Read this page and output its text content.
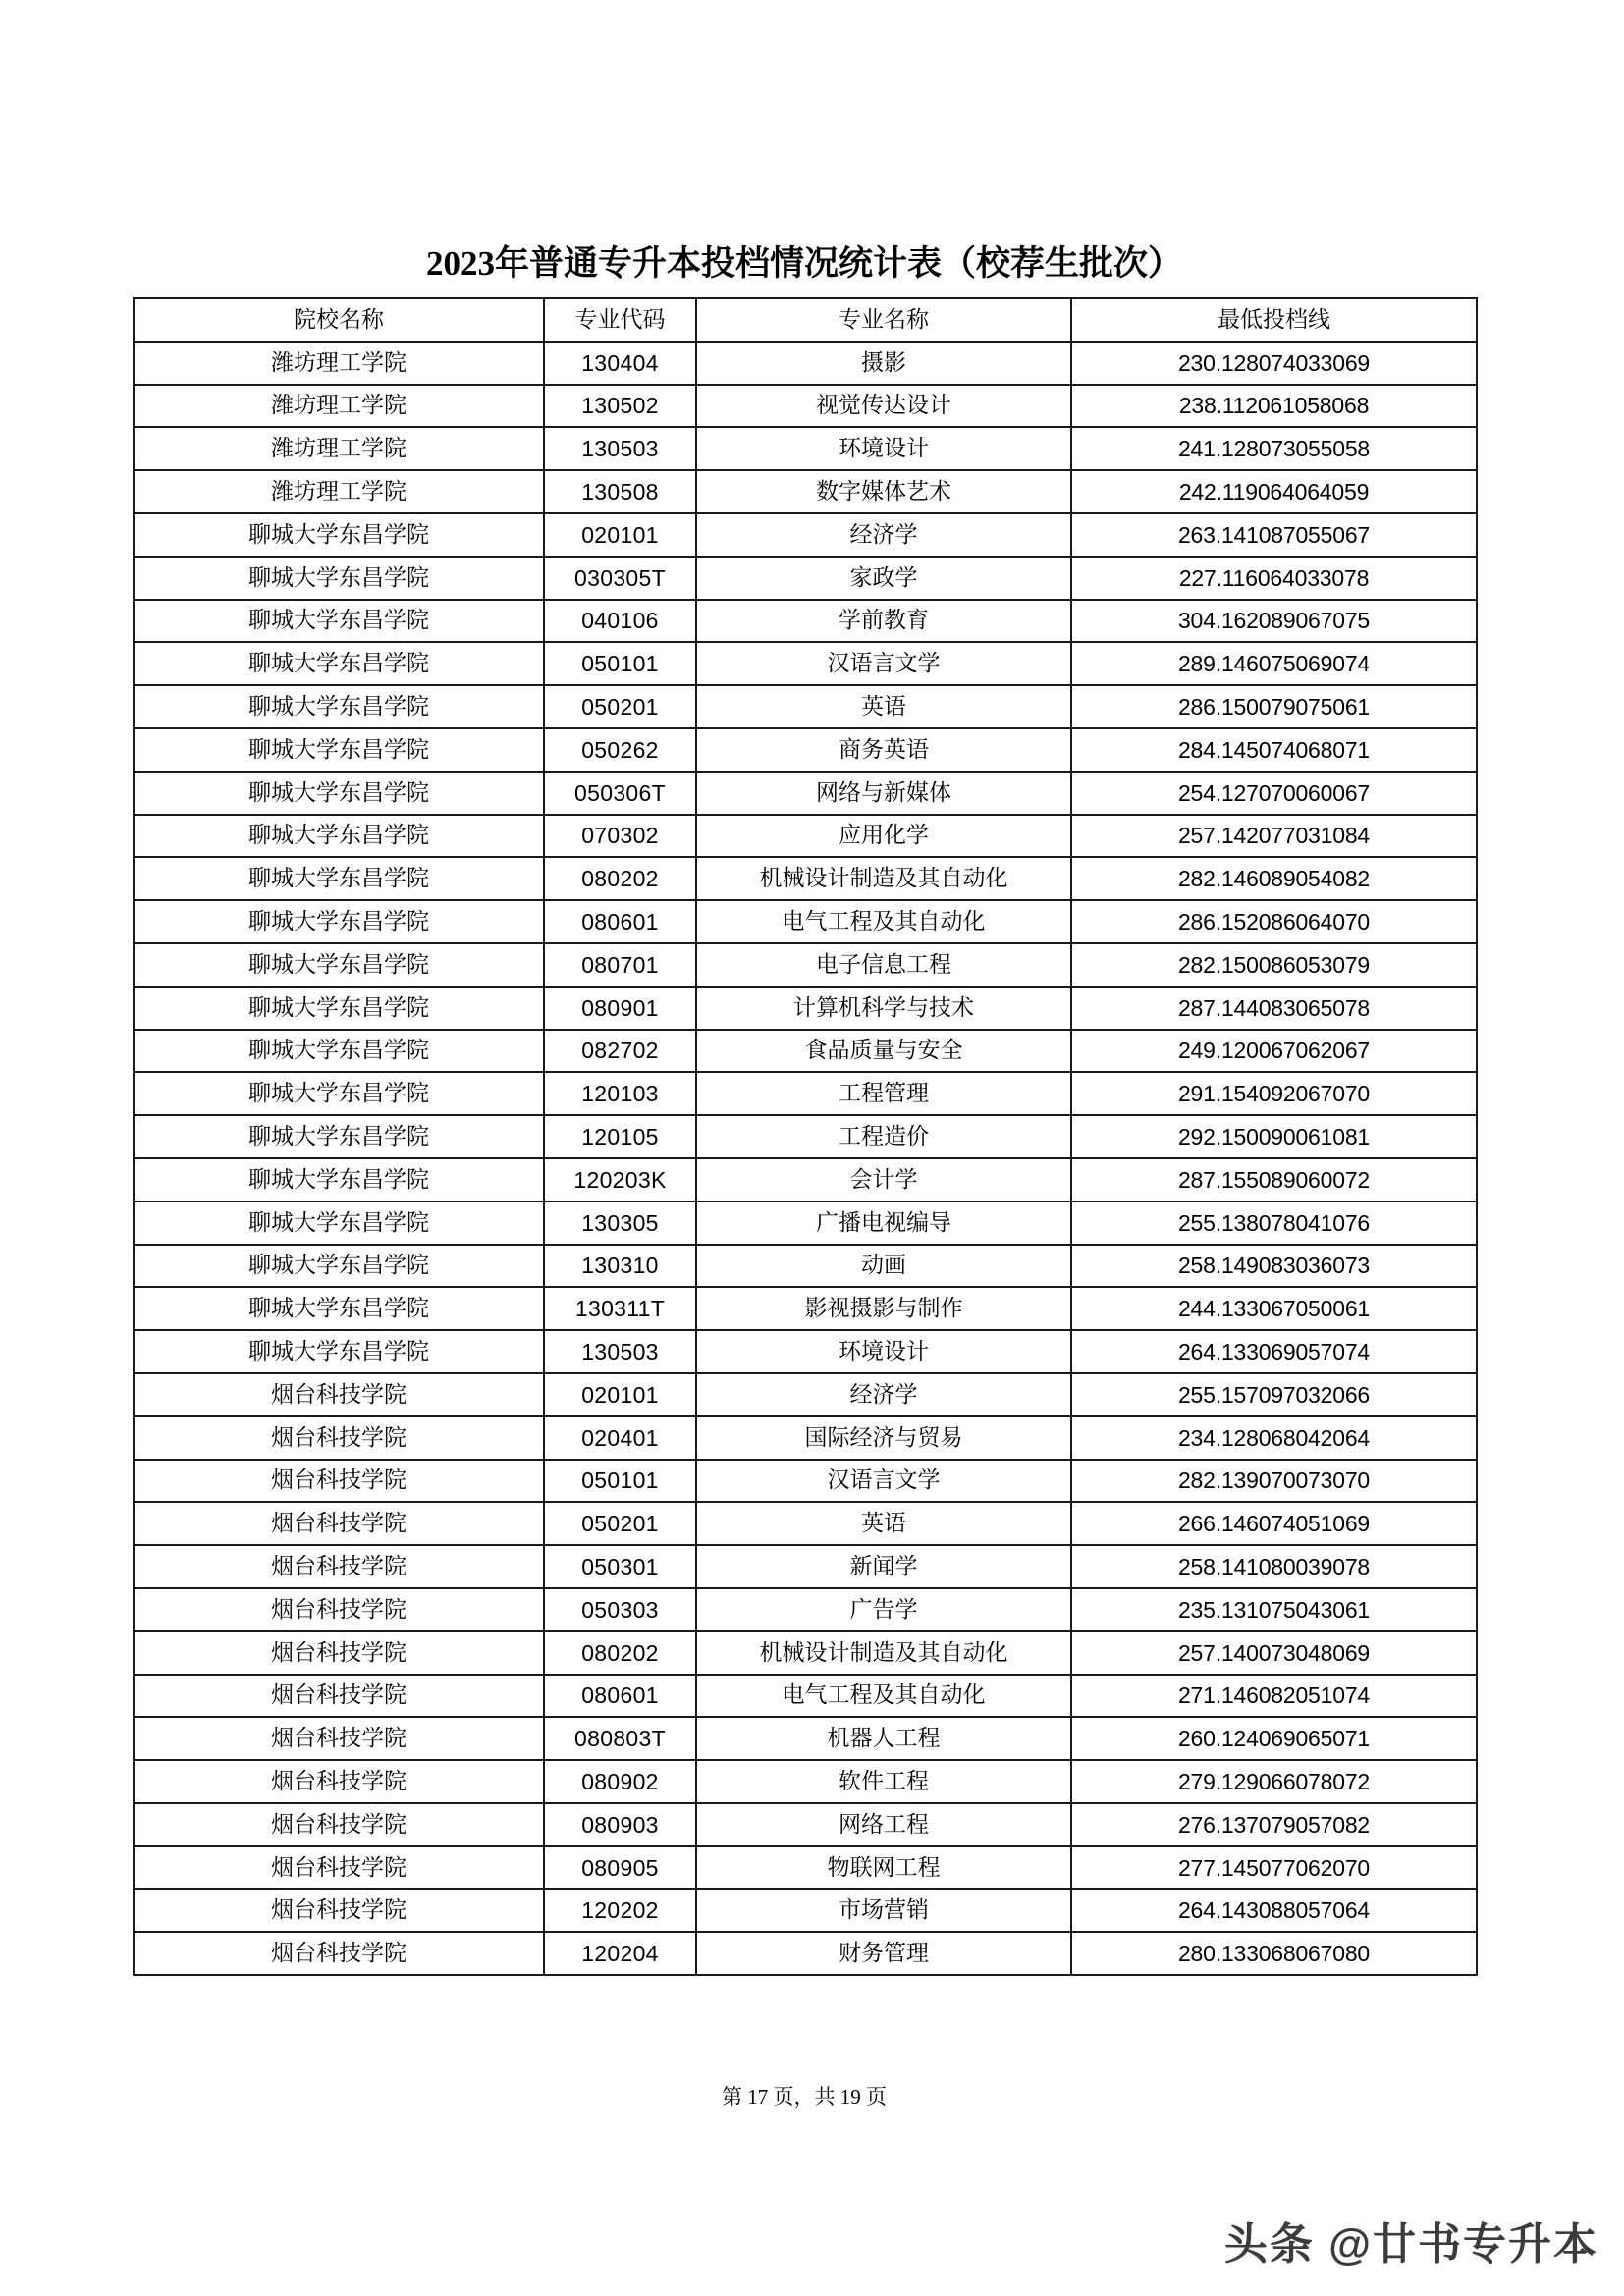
2023年普通专升本投档情况统计表（校荐生批次）
院校名称	专业代码	专业名称	最低投档线
潍坊理工学院	130404	摄影	230.128074033069
潍坊理工学院	130502	视觉传达设计	238.112061058068
潍坊理工学院	130503	环境设计	241.128073055058
潍坊理工学院	130508	数字媒体艺术	242.119064064059
聊城大学东昌学院	020101	经济学	263.141087055067
聊城大学东昌学院	030305T	家政学	227.116064033078
聊城大学东昌学院	040106	学前教育	304.162089067075
聊城大学东昌学院	050101	汉语言文学	289.146075069074
聊城大学东昌学院	050201	英语	286.150079075061
聊城大学东昌学院	050262	商务英语	284.145074068071
聊城大学东昌学院	050306T	网络与新媒体	254.127070060067
聊城大学东昌学院	070302	应用化学	257.142077031084
聊城大学东昌学院	080202	机械设计制造及其自动化	282.146089054082
聊城大学东昌学院	080601	电气工程及其自动化	286.152086064070
聊城大学东昌学院	080701	电子信息工程	282.150086053079
聊城大学东昌学院	080901	计算机科学与技术	287.144083065078
聊城大学东昌学院	082702	食品质量与安全	249.120067062067
聊城大学东昌学院	120103	工程管理	291.154092067070
聊城大学东昌学院	120105	工程造价	292.150090061081
聊城大学东昌学院	120203K	会计学	287.155089060072
聊城大学东昌学院	130305	广播电视编导	255.138078041076
聊城大学东昌学院	130310	动画	258.149083036073
聊城大学东昌学院	130311T	影视摄影与制作	244.133067050061
聊城大学东昌学院	130503	环境设计	264.133069057074
烟台科技学院	020101	经济学	255.157097032066
烟台科技学院	020401	国际经济与贸易	234.128068042064
烟台科技学院	050101	汉语言文学	282.139070073070
烟台科技学院	050201	英语	266.146074051069
烟台科技学院	050301	新闻学	258.141080039078
烟台科技学院	050303	广告学	235.131075043061
烟台科技学院	080202	机械设计制造及其自动化	257.140073048069
烟台科技学院	080601	电气工程及其自动化	271.146082051074
烟台科技学院	080803T	机器人工程	260.124069065071
烟台科技学院	080902	软件工程	279.129066078072
烟台科技学院	080903	网络工程	276.137079057082
烟台科技学院	080905	物联网工程	277.145077062070
烟台科技学院	120202	市场营销	264.143088057064
烟台科技学院	120204	财务管理	280.133068067080
第 17 页，共 19 页
头条 @廿书专升本
